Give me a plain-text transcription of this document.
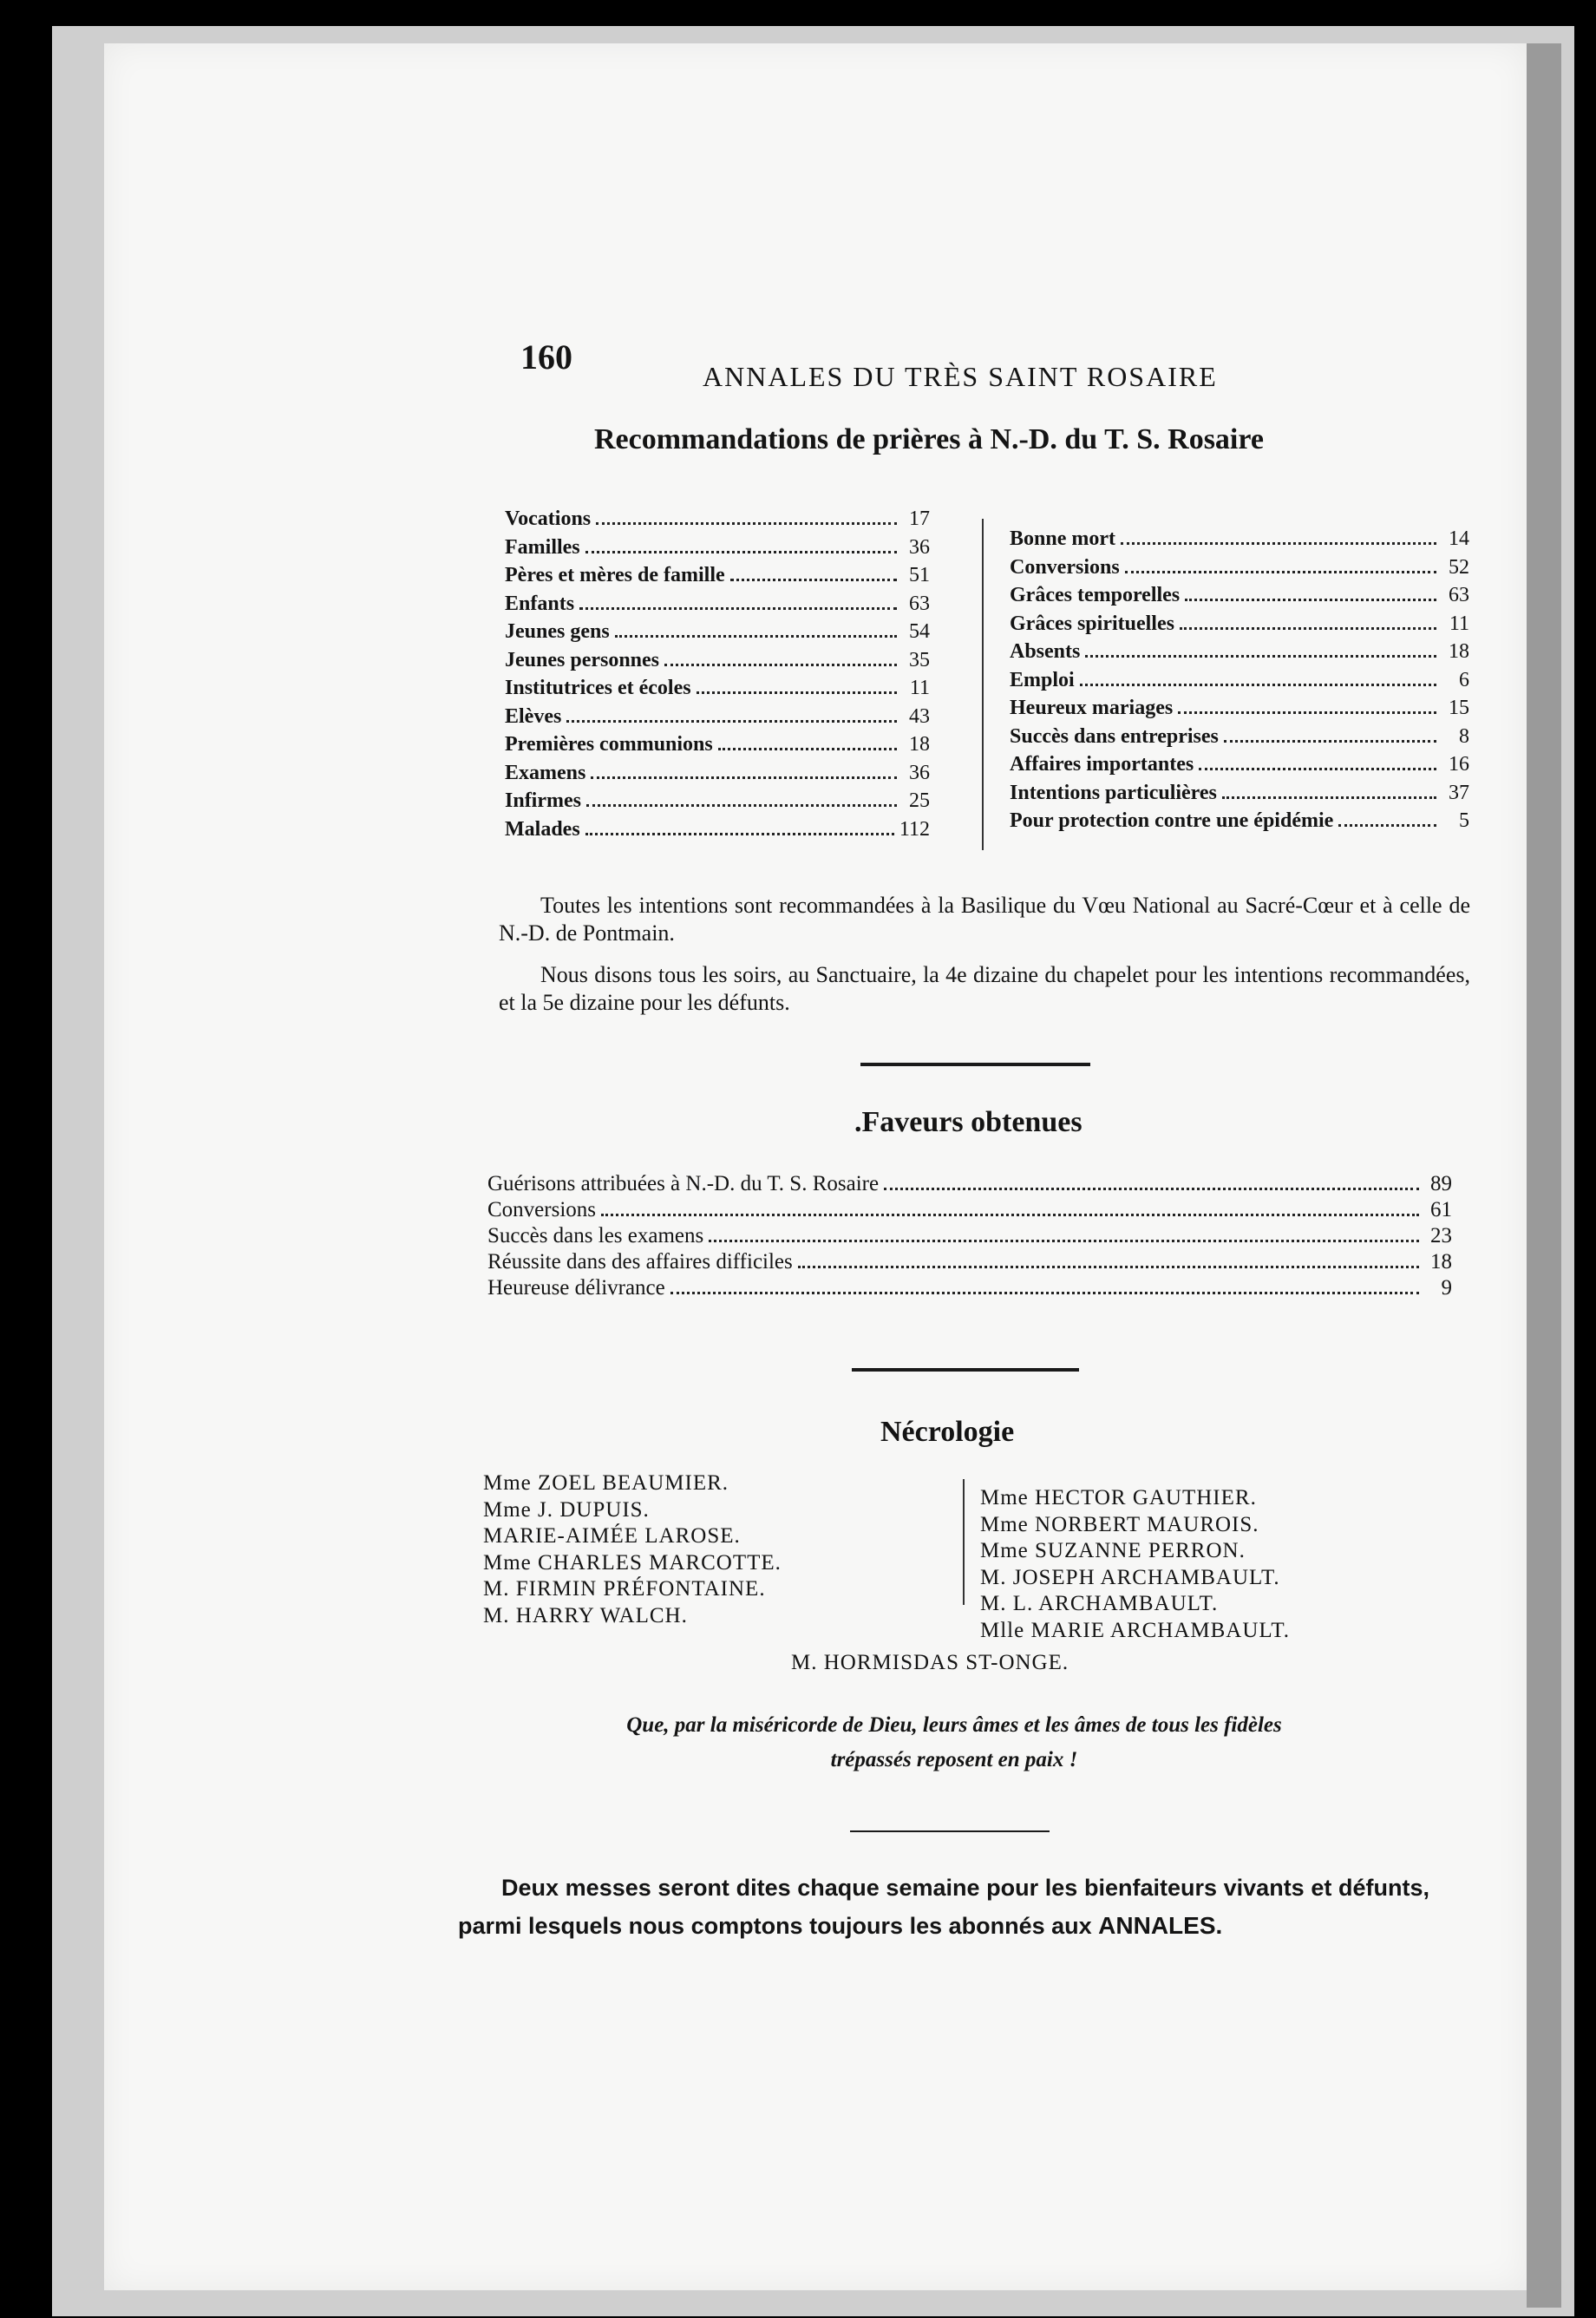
160	ANNALES DU TRÈS SAINT ROSAIRE
Recommandations de prières à N.-D. du T. S. Rosaire
Vocations	17
Familles	36
Pères et mères de famille	51
Enfants	63
Jeunes gens	54
Jeunes personnes	35
Institutrices et écoles	11
Elèves	43
Premières communions	18
Examens	36
Infirmes	25
Malades	112
Bonne mort	14
Conversions	52
Grâces temporelles	63
Grâces spirituelles	11
Absents	18
Emploi	6
Heureux mariages	15
Succès dans entreprises	8
Affaires importantes	16
Intentions particulières	37
Pour protection contre une épidémie	5
Toutes les intentions sont recommandées à la Basilique du Vœu National au Sacré-Cœur et à celle de N.-D. de Pontmain.
Nous disons tous les soirs, au Sanctuaire, la 4e dizaine du chapelet pour les intentions recommandées, et la 5e dizaine pour les défunts.
.Faveurs obtenues
Guérisons attribuées à N.-D. du T. S. Rosaire	89
Conversions	61
Succès dans les examens	23
Réussite dans des affaires difficiles	18
Heureuse délivrance	9
Nécrologie
Mme ZOEL BEAUMIER.
Mme J. DUPUIS.
MARIE-AIMÉE LAROSE.
Mme CHARLES MARCOTTE.
M. FIRMIN PRÉFONTAINE.
M. HARRY WALCH.
Mme HECTOR GAUTHIER.
Mme NORBERT MAUROIS.
Mme SUZANNE PERRON.
M. JOSEPH ARCHAMBAULT.
M. L. ARCHAMBAULT.
Mlle MARIE ARCHAMBAULT.
M. HORMISDAS ST-ONGE.
Que, par la miséricorde de Dieu, leurs âmes et les âmes de tous les fidèles
trépassés reposent en paix !
Deux messes seront dites chaque semaine pour les bienfaiteurs vivants et défunts, parmi lesquels nous comptons toujours les abonnés aux ANNALES.
